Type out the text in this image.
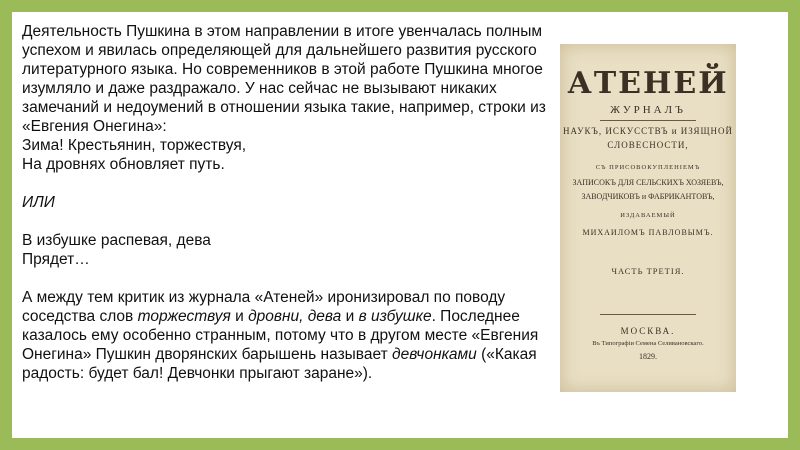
Деятельность Пушкина в этом направлении в итоге увенчалась полным успехом и явилась определяющей для дальнейшего развития русского литературного языка. Но современников в этой работе Пушкина многое изумляло и даже раздражало. У нас сейчас не вызывают никаких замечаний и недоумений в отношении языка такие, например, строки из «Евгения Онегина»:

Зима! Крестьянин, торжествуя,

На дровнях обновляет путь.

ИЛИ

В избушке распевая, дева

Прядет…

А между тем критик из журнала «Атеней» иронизировал по поводу соседства слов торжествуя и дровни, дева и в избушке. Последнее казалось ему особенно странным, потому что в другом месте «Евгения Онегина» Пушкин дворянских барышень называет девчонками («Какая радость: будет бал! Девчонки прыгают заране»).

АТЕНЕЙ
ЖУРНАЛЪ
НАУКЪ, ИСКУССТВЪ и ИЗЯЩНОЙ
СЛОВЕСНОСТИ,
СЪ ПРИСОВОКУПЛЕНІЕМЪ
ЗАПИСОКЪ ДЛЯ СЕЛЬСКИХЪ ХОЗЯЕВЪ,
ЗАВОДЧИКОВЪ и ФАБРИКАНТОВЪ,
ИЗДАВАЕМЫЙ
МИХАИЛОМЪ ПАВЛОВЫМЪ.
ЧАСТЬ ТРЕТІЯ.
МОСКВА.
Въ Типографіи Семена Селивановскаго.
1829.
